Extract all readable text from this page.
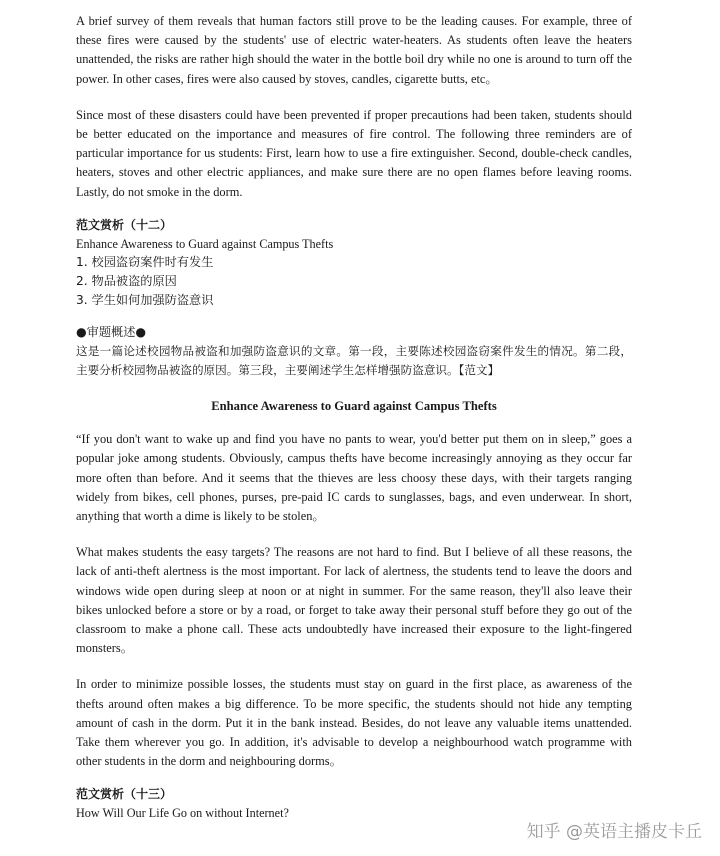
A brief survey of them reveals that human factors still prove to be the leading causes. For example, three of these fires were caused by the students' use of electric water-heaters. As students often leave the heaters unattended, the risks are rather high should the water in the bottle boil dry while no one is around to turn off the power. In other cases, fires were also caused by stoves, candles, cigarette butts, etc。

Since most of these disasters could have been prevented if proper precautions had been taken, students should be better educated on the importance and measures of fire control. The following three reminders are of particular importance for us students: First, learn how to use a fire extinguisher. Second, double-check candles, heaters, stoves and other electric appliances, and make sure there are no open flames before leaving rooms. Lastly, do not smoke in the dorm.

范文赏析（十二）
Enhance Awareness to Guard against Campus Thefts
1. 校园盗窃案件时有发生
2. 物品被盗的原因
3. 学生如何加强防盗意识
●审题概述●

这是一篇论述校园物品被盗和加强防盗意识的文章。第一段，主要陈述校园盗窃案件发生的情况。第二段，主要分析校园物品被盗的原因。第三段，主要阐述学生怎样增强防盗意识。【范文】

Enhance Awareness to Guard against Campus Thefts

“If you don't want to wake up and find you have no pants to wear, you'd better put them on in sleep,” goes a popular joke among students. Obviously, campus thefts have become increasingly annoying as they occur far more often than before. And it seems that the thieves are less choosy these days, with their targets ranging widely from bikes, cell phones, purses, pre-paid IC cards to sunglasses, bags, and even underwear. In short, anything that worth a dime is likely to be stolen。

What makes students the easy targets? The reasons are not hard to find. But I believe of all these reasons, the lack of anti-theft alertness is the most important. For lack of alertness, the students tend to leave the doors and windows wide open during sleep at noon or at night in summer. For the same reason, they'll also leave their bikes unlocked before a store or by a road, or forget to take away their personal stuff before they go out of the classroom to make a phone call. These acts undoubtedly have increased their exposure to the light-fingered monsters。

In order to minimize possible losses, the students must stay on guard in the first place, as awareness of the thefts around often makes a big difference. To be more specific, the students should not hide any tempting amount of cash in the dorm. Put it in the bank instead. Besides, do not leave any valuable items unattended. Take them wherever you go. In addition, it's advisable to develop a neighbourhood watch programme with other students in the dorm and neighbouring dorms。

范文赏析（十三）
How Will Our Life Go on without Internet?
知乎 @英语主播皮卡丘
